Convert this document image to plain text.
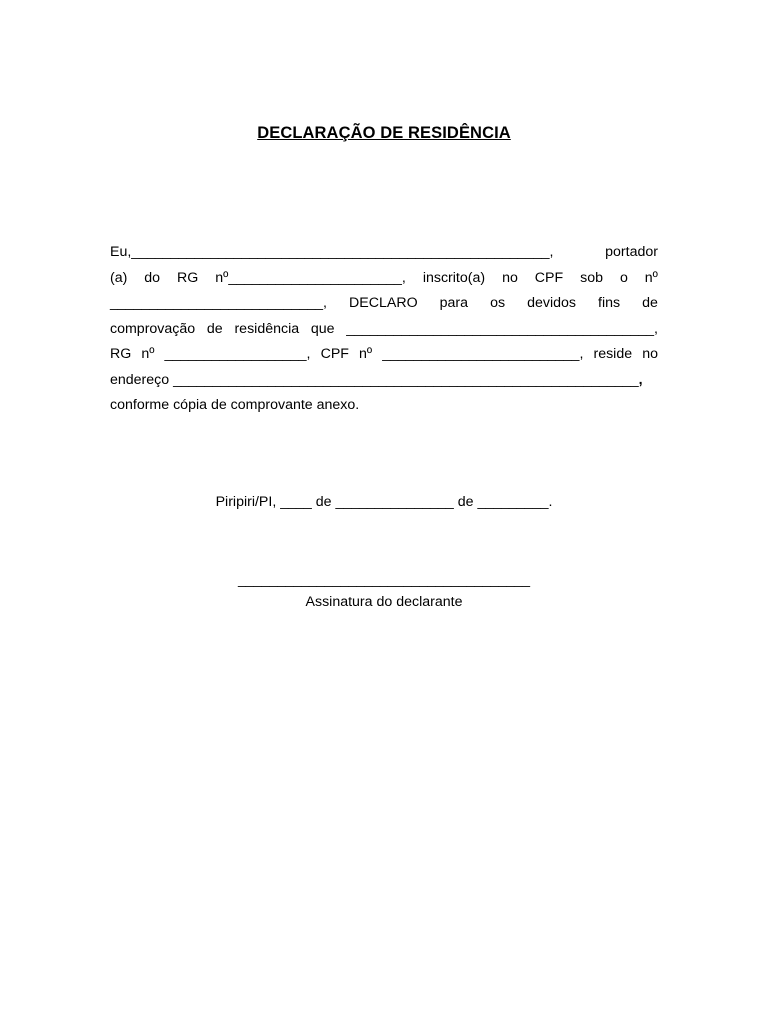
DECLARAÇÃO DE RESIDÊNCIA
Eu,_____________________________________________________,	portador
(a) do RG nº______________________, inscrito(a) no CPF sob o nº
___________________________, DECLARO para os devidos fins de
comprovação de residência que _______________________________________,
RG nº __________________, CPF nº _________________________, reside no
endereço ___________________________________________________________,
conforme cópia de comprovante anexo.
Piripiri/PI, ____ de _______________ de _________.
_____________________________________
Assinatura do declarante
